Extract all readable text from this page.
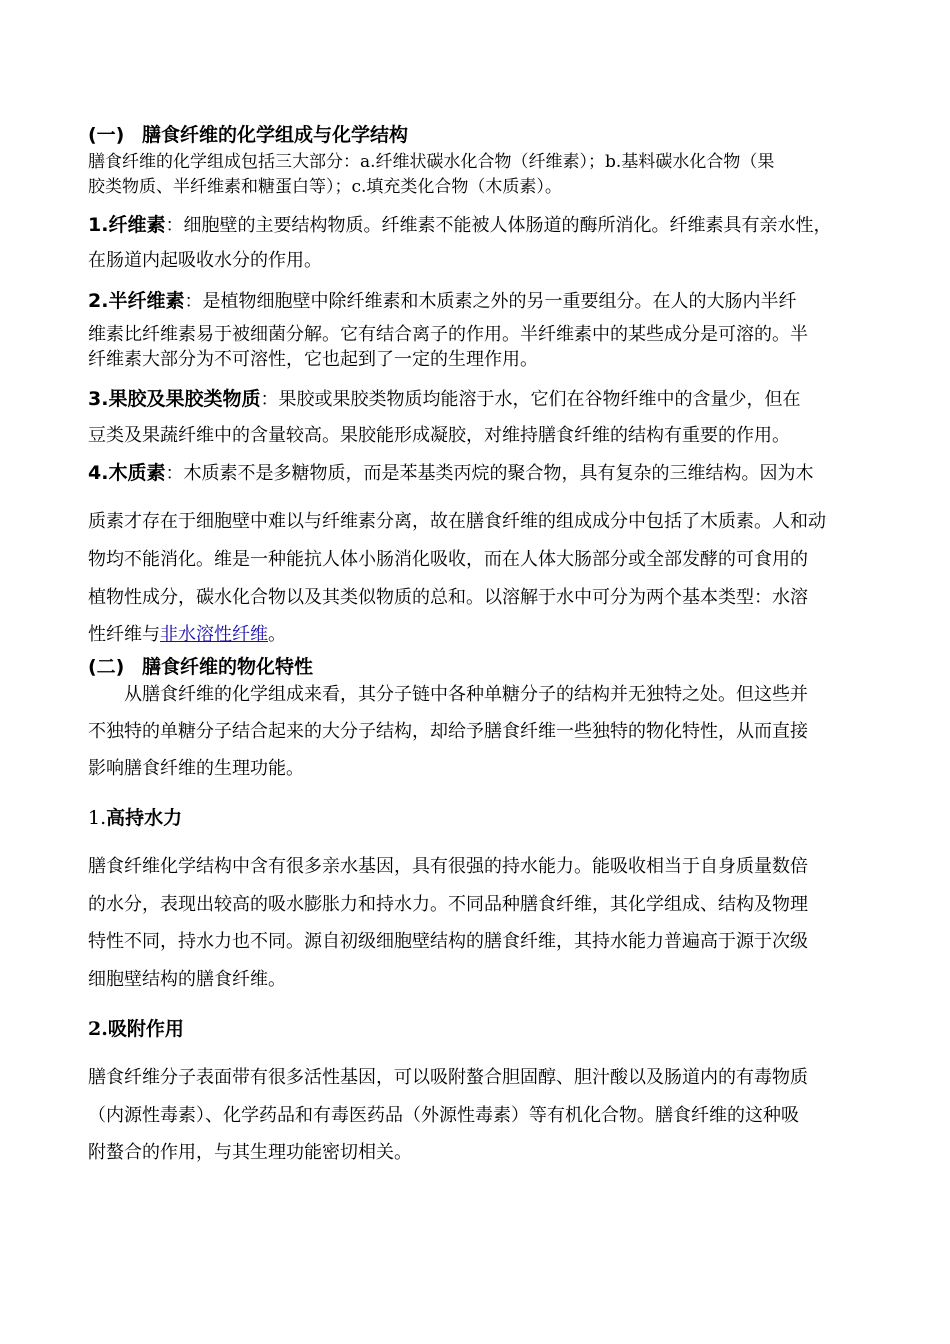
(一) 膳食纤维的化学组成与化学结构
膳食纤维的化学组成包括三大部分：a.纤维状碳水化合物（纤维素）；b.基料碳水化合物（果
胶类物质、半纤维素和糖蛋白等）；c.填充类化合物（木质素）。
1.纤维素：细胞壁的主要结构物质。纤维素不能被人体肠道的酶所消化。纤维素具有亲水性，
在肠道内起吸收水分的作用。
2.半纤维素：是植物细胞壁中除纤维素和木质素之外的另一重要组分。在人的大肠内半纤
维素比纤维素易于被细菌分解。它有结合离子的作用。半纤维素中的某些成分是可溶的。半
纤维素大部分为不可溶性，它也起到了一定的生理作用。
3.果胶及果胶类物质：果胶或果胶类物质均能溶于水，它们在谷物纤维中的含量少，但在
豆类及果蔬纤维中的含量较高。果胶能形成凝胶，对维持膳食纤维的结构有重要的作用。
4.木质素：木质素不是多糖物质，而是苯基类丙烷的聚合物，具有复杂的三维结构。因为木
质素才存在于细胞壁中难以与纤维素分离，故在膳食纤维的组成成分中包括了木质素。人和动
物均不能消化。维是一种能抗人体小肠消化吸收，而在人体大肠部分或全部发酵的可食用的
植物性成分，碳水化合物以及其类似物质的总和。以溶解于水中可分为两个基本类型：水溶
性纤维与非水溶性纤维。
(二) 膳食纤维的物化特性
从膳食纤维的化学组成来看，其分子链中各种单糖分子的结构并无独特之处。但这些并
不独特的单糖分子结合起来的大分子结构，却给予膳食纤维一些独特的物化特性，从而直接
影响膳食纤维的生理功能。
1.高持水力
膳食纤维化学结构中含有很多亲水基因，具有很强的持水能力。能吸收相当于自身质量数倍
的水分，表现出较高的吸水膨胀力和持水力。不同品种膳食纤维，其化学组成、结构及物理
特性不同，持水力也不同。源自初级细胞壁结构的膳食纤维，其持水能力普遍高于源于次级
细胞壁结构的膳食纤维。
2.吸附作用
膳食纤维分子表面带有很多活性基因，可以吸附螯合胆固醇、胆汁酸以及肠道内的有毒物质
（内源性毒素）、化学药品和有毒医药品（外源性毒素）等有机化合物。膳食纤维的这种吸
附螯合的作用，与其生理功能密切相关。
